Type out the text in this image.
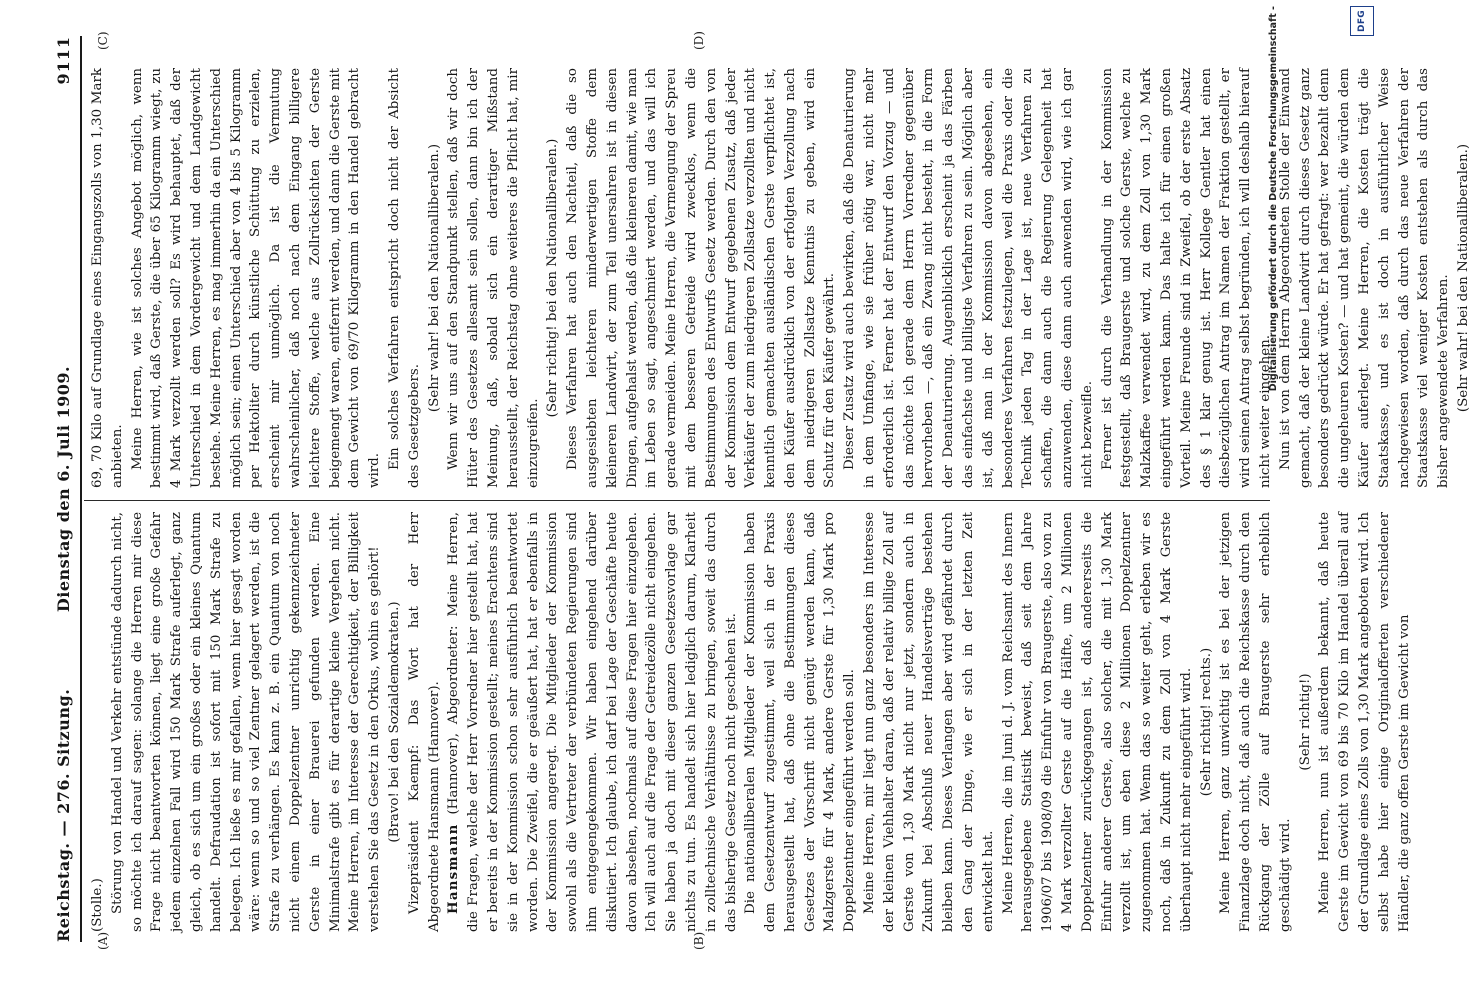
Reichstag. — 276. Sitzung.
Dienstag den 6. Juli 1909.
9111
(A)	(B)
(C)	(D)

(Stolle.) Störung von Handel und Verkehr entstünde dadurch nicht, so möchte ich darauf sagen: solange die Herren mir diese Frage nicht beantworten können, liegt eine große Gefahr jedem einzelnen Fall wird 150 Mark Strafe auferlegt, ganz gleich, ob es sich um ein großes oder ein kleines Quantum handelt. Defraudation ist sofort mit 150 Mark Strafe zu belegen. Ich ließe es mir gefallen, wenn hier gesagt worden wäre: wenn so und so viel Zentner gelagert werden, ist die Strafe zu verhängen. Es kann z. B. ein Quantum von noch nicht einem Doppelzentner unrichtig gekennzeichneter Gerste in einer Brauerei gefunden werden. Eine Minimalstrafe gibt es für derartige kleine Vergehen nicht. Meine Herren, im Interesse der Gerechtigkeit, der Billigkeit verstehen Sie das Gesetz in den Orkus, wohin es gehört! (Bravo! bei den Sozialdemokraten.) Vizepräsident Kaempf: Das Wort hat der Herr Abgeordnete Hansmann (Hannover). Hansmann (Hannover), Abgeordneter: Meine Herren, die Fragen, welche der Herr Vorredner hier gestellt hat, hat er bereits in der Kommission gestellt; meines Erachtens sind sie in der Kommission schon sehr ausführlich beantwortet worden. Die Zweifel, die er geäußert hat, hat er ebenfalls in der Kommission angeregt. Die Mitglieder der Kommission sowohl als die Vertreter der verbündeten Regierungen sind ihm entgegengekommen. Wir haben eingehend darüber diskutiert. Ich glaube, ich darf bei Lage der Geschäfte heute davon absehen, nochmals auf diese Fragen hier einzugehen. Ich will auch auf die Frage der Getreidezölle nicht eingehen. Sie haben ja doch mit dieser ganzen Gesetzesvorlage gar nichts zu tun. Es handelt sich hier lediglich darum, Klarheit in zolltechnische Verhältnisse zu bringen, soweit das durch das bisherige Gesetz noch nicht geschehen ist. Die nationalliberalen Mitglieder der Kommission haben dem Gesetzentwurf zugestimmt, weil sich in der Praxis herausgestellt hat, daß ohne die Bestimmungen dieses Gesetzes der Vorschrift nicht genügt werden kann, daß Malzgerste für 4 Mark, andere Gerste für 1,30 Mark pro Doppelzentner eingeführt werden soll. Meine Herren, mir liegt nun ganz besonders im Interesse der kleinen Viehhalter daran, daß der relativ billige Zoll auf Gerste von 1,30 Mark nicht nur jetzt, sondern auch in Zukunft bei Abschluß neuer Handelsverträge bestehen bleiben kann. Dieses Verlangen aber wird gefährdet durch den Gang der Dinge, wie er sich in der letzten Zeit entwickelt hat. Meine Herren, die im Juni d. J. vom Reichsamt des Innern herausgegebene Statistik beweist, daß seit dem Jahre 1906/07 bis 1908/09 die Einfuhr von Braugerste, also von zu 4 Mark verzollter Gerste auf die Hälfte, um 2 Millionen Doppelzentner zurückgegangen ist, daß andererseits die Einfuhr anderer Gerste, also solcher, die mit 1,30 Mark verzollt ist, um eben diese 2 Millionen Doppelzentner zugenommen hat. Wenn das so weiter geht, erleben wir es noch, daß in Zukunft zu dem Zoll von 4 Mark Gerste überhaupt nicht mehr eingeführt wird. (Sehr richtig! rechts.) Meine Herren, ganz unwichtig ist es bei der jetzigen Finanzlage doch nicht, daß auch die Reichskasse durch den Rückgang der Zölle auf Braugerste sehr erheblich geschädigt wird.

(Sehr richtig!) Meine Herren, nun ist außerdem bekannt, daß heute Gerste im Gewicht von 69 bis 70 Kilo im Handel überall auf der Grundlage eines Zolls von 1,30 Mark angeboten wird. Ich selbst habe hier einige Originalofferten verschiedener Händler, die ganz offen Gerste im Gewicht von

69, 70 Kilo auf Grundlage eines Eingangszolls von 1,30 Mark anbieten. Meine Herren, wie ist solches Angebot möglich, wenn bestimmt wird, daß Gerste, die über 65 Kilogramm wiegt, zu 4 Mark verzollt werden soll? Es wird behauptet, daß der Unterschied in dem Vordergewicht und dem Landgewicht bestehe. Meine Herren, es mag immerhin da ein Unterschied möglich sein; einen Unterschied aber von 4 bis 5 Kilogramm per Hektoliter durch künstliche Schüttung zu erzielen, erscheint mir unmöglich. Da ist die Vermutung wahrscheinlicher, daß noch nach dem Eingang billigere leichtere Stoffe, welche aus Zollrücksichten der Gerste beigemengt waren, entfernt werden, und dann die Gerste mit dem Gewicht von 69/70 Kilogramm in den Handel gebracht wird.

Ein solches Verfahren entspricht doch nicht der Absicht des Gesetzgebers.

(Sehr wahr! bei den Nationalliberalen.) Wenn wir uns auf den Standpunkt stellen, daß wir doch Hüter des Gesetzes allesamt sein sollen, dann bin ich der Meinung, daß, sobald sich ein derartiger Mißstand herausstellt, der Reichstag ohne weiteres die Pflicht hat, mir einzugreifen.

(Sehr richtig! bei den Nationalliberalen.) Dieses Verfahren hat auch den Nachteil, daß die so ausgesiebten leichteren minderwertigen Stoffe dem kleineren Landwirt, der zum Teil unersahren ist in diesen Dingen, aufgehalst werden, daß die kleineren damit, wie man im Leben so sagt, angeschmiert werden, und das will ich gerade vermeiden. Meine Herren, die Vermengung der Spreu mit dem besseren Getreide wird zwecklos, wenn die Bestimmungen des Entwurfs Gesetz werden. Durch den von der Kommission dem Entwurf gegebenen Zusatz, daß jeder Verkäufer der zum niedrigeren Zollsatze verzollten und nicht kenntlich gemachten ausländischen Gerste verpflichtet ist, den Käufer ausdrücklich von der erfolgten Verzollung nach dem niedrigeren Zollsatze Kenntnis zu geben, wird ein Schutz für den Käufer gewährt. Dieser Zusatz wird auch bewirken, daß die Denaturierung in dem Umfange, wie sie früher nötig war, nicht mehr erforderlich ist. Ferner hat der Entwurf den Vorzug — und das möchte ich gerade dem Herrn Vorredner gegenüber hervorheben —, daß ein Zwang nicht besteht, in die Form der Denaturierung. Augenblicklich erscheint ja das Färben das einfachste und billigste Verfahren zu sein. Möglich aber ist, daß man in der Kommission davon abgesehen, ein besonderes Verfahren festzulegen, weil die Praxis oder die Technik jeden Tag in der Lage ist, neue Verfahren zu schaffen, die dann auch die Regierung Gelegenheit hat anzuwenden, diese dann auch anwenden wird, wie ich gar nicht bezweifle. Ferner ist durch die Verhandlung in der Kommission festgestellt, daß Braugerste und solche Gerste, welche zu Malzkaffee verwendet wird, zu dem Zoll von 1,30 Mark eingeführt werden kann. Das halte ich für einen großen Vorteil. Meine Freunde sind in Zweifel, ob der erste Absatz des § 1 klar genug ist. Herr Kollege Gentler hat einen diesbezüglichen Antrag im Namen der Fraktion gestellt, er wird seinen Antrag selbst begründen, ich will deshalb hierauf nicht weiter eingehen. Nun ist von dem Herrn Abgeordneten Stolle der Einwand gemacht, daß der kleine Landwirt durch dieses Gesetz ganz besonders gedrückt würde. Er hat gefragt: wer bezahlt denn die ungeheuren Kosten? — und hat gemeint, die würden dem Käufer auferlegt. Meine Herren, die Kosten trägt die Staatskasse, und es ist doch in ausführlicher Weise nachgewiesen worden, daß durch das neue Verfahren der Staatskasse viel weniger Kosten entstehen als durch das bisher angewendete Verfahren. (Sehr wahr! bei den Nationalliberalen.)

Digitalisierung gefördert durch die Deutsche Forschungsgemeinschaft -	DFG
